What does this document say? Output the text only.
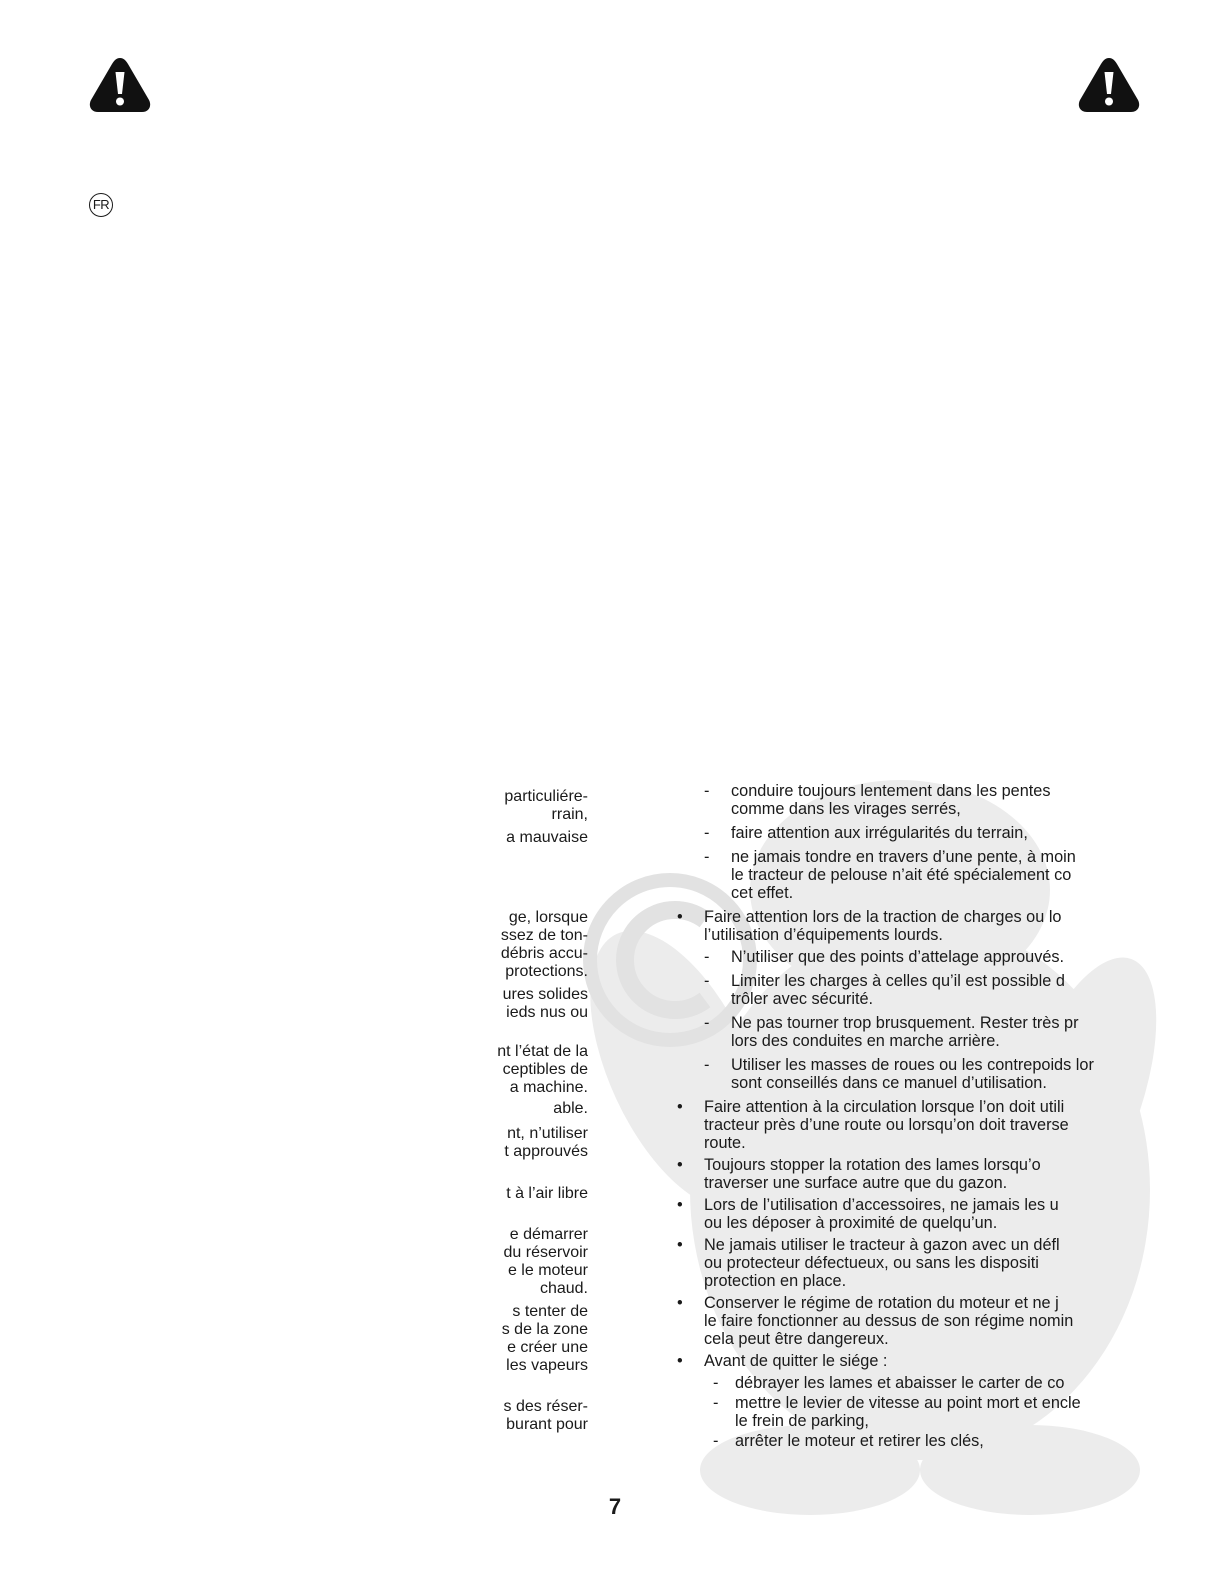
FR
particuliére-
rrain,
a mauvaise
ge, lorsque
ssez de ton-
débris accu-
protections.
ures solides
ieds nus ou
nt l’état de la
ceptibles de
a machine.
able.
nt, n’utiliser
t approuvés
t à l’air libre
e démarrer
du réservoir
e le moteur
chaud.
s tenter de
s de la zone
e créer une
les vapeurs
s des réser-
burant pour
- conduire toujours lentement dans les pentes
comme dans les virages serrés,
- faire attention aux irrégularités du terrain,
- ne jamais tondre en travers d’une pente, à moin
le tracteur de pelouse n’ait été spécialement co
cet effet.
• Faire attention lors de la traction de charges ou lo
l’utilisation d’équipements lourds.
- N’utiliser que des points d’attelage approuvés.
- Limiter les charges à celles qu’il est possible d
trôler avec sécurité.
- Ne pas tourner trop brusquement. Rester très pr
lors des conduites en marche arrière.
- Utiliser les masses de roues ou les contrepoids lor
sont conseillés dans ce manuel d’utilisation.
• Faire attention à la circulation lorsque l’on doit utili
tracteur près d’une route ou lorsqu’on doit traverse
route.
• Toujours stopper la rotation des lames lorsqu’o
traverser une surface autre que du gazon.
• Lors de l’utilisation d’accessoires, ne jamais les u
ou les déposer à proximité de quelqu’un.
• Ne jamais utiliser le tracteur à gazon avec un défl
ou protecteur défectueux, ou sans les dispositi
protection en place.
• Conserver le régime de rotation du moteur et ne j
le faire fonctionner au dessus de son régime nomin
cela peut être dangereux.
• Avant de quitter le siége :
- débrayer les lames et abaisser le carter de co
- mettre le levier de vitesse au point mort et encle
le frein de parking,
- arrêter le moteur et retirer les clés,
7
